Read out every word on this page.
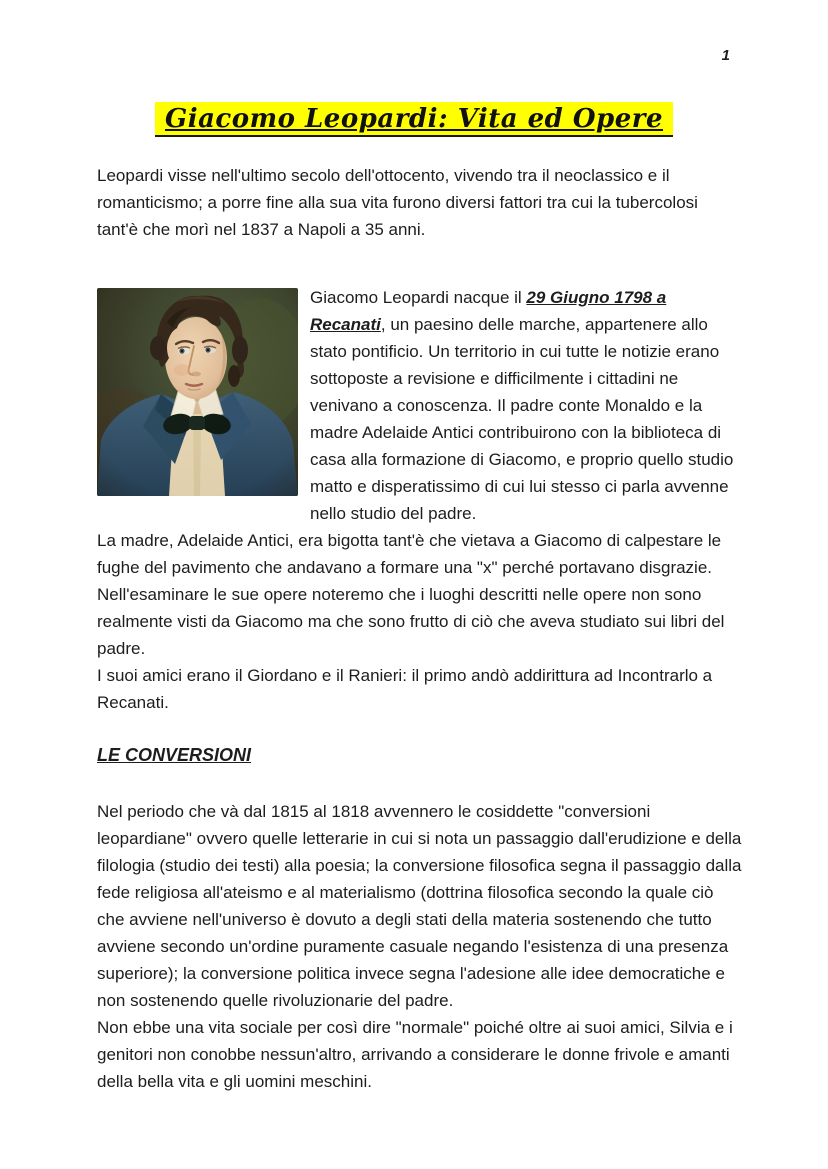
1
Giacomo Leopardi: Vita ed Opere

Leopardi visse nell'ultimo secolo dell'ottocento, vivendo tra il neoclassico e il romanticismo; a porre fine alla sua vita furono diversi fattori tra cui la tubercolosi tant'è che morì nel 1837 a Napoli a 35 anni.

Giacomo Leopardi nacque il 29 Giugno 1798 a Recanati, un paesino delle marche, appartenere allo stato pontificio. Un territorio in cui tutte le notizie erano sottoposte a revisione e difficilmente i cittadini ne venivano a conoscenza. Il padre conte Monaldo e la madre Adelaide Antici contribuirono con la biblioteca di casa alla formazione di Giacomo, e proprio quello studio matto e disperatissimo di cui lui stesso ci parla avvenne nello studio del padre.

La madre, Adelaide Antici, era bigotta tant'è che vietava a Giacomo di calpestare le fughe del pavimento che andavano a formare una "x" perché portavano disgrazie. Nell'esaminare le sue opere noteremo che i luoghi descritti nelle opere non sono realmente visti da Giacomo ma che sono frutto di ciò che aveva studiato sui libri del padre.

I suoi amici erano il Giordano e il Ranieri: il primo andò addirittura ad Incontrarlo a Recanati.

LE CONVERSIONI

Nel periodo che và dal 1815 al 1818 avvennero le cosiddette "conversioni leopardiane" ovvero quelle letterarie in cui si nota un passaggio dall'erudizione e della filologia (studio dei testi) alla poesia; la conversione filosofica segna il passaggio dalla fede religiosa all'ateismo e al materialismo (dottrina filosofica secondo la quale ciò che avviene nell'universo è dovuto a degli stati della materia sostenendo che tutto avviene secondo un'ordine puramente casuale negando l'esistenza di una presenza superiore); la conversione politica invece segna l'adesione alle idee democratiche e non sostenendo quelle rivoluzionarie del padre.

Non ebbe una vita sociale per così dire "normale" poiché oltre ai suoi amici, Silvia e i genitori non conobbe nessun'altro, arrivando a considerare le donne frivole e amanti della bella vita e gli uomini meschini.
